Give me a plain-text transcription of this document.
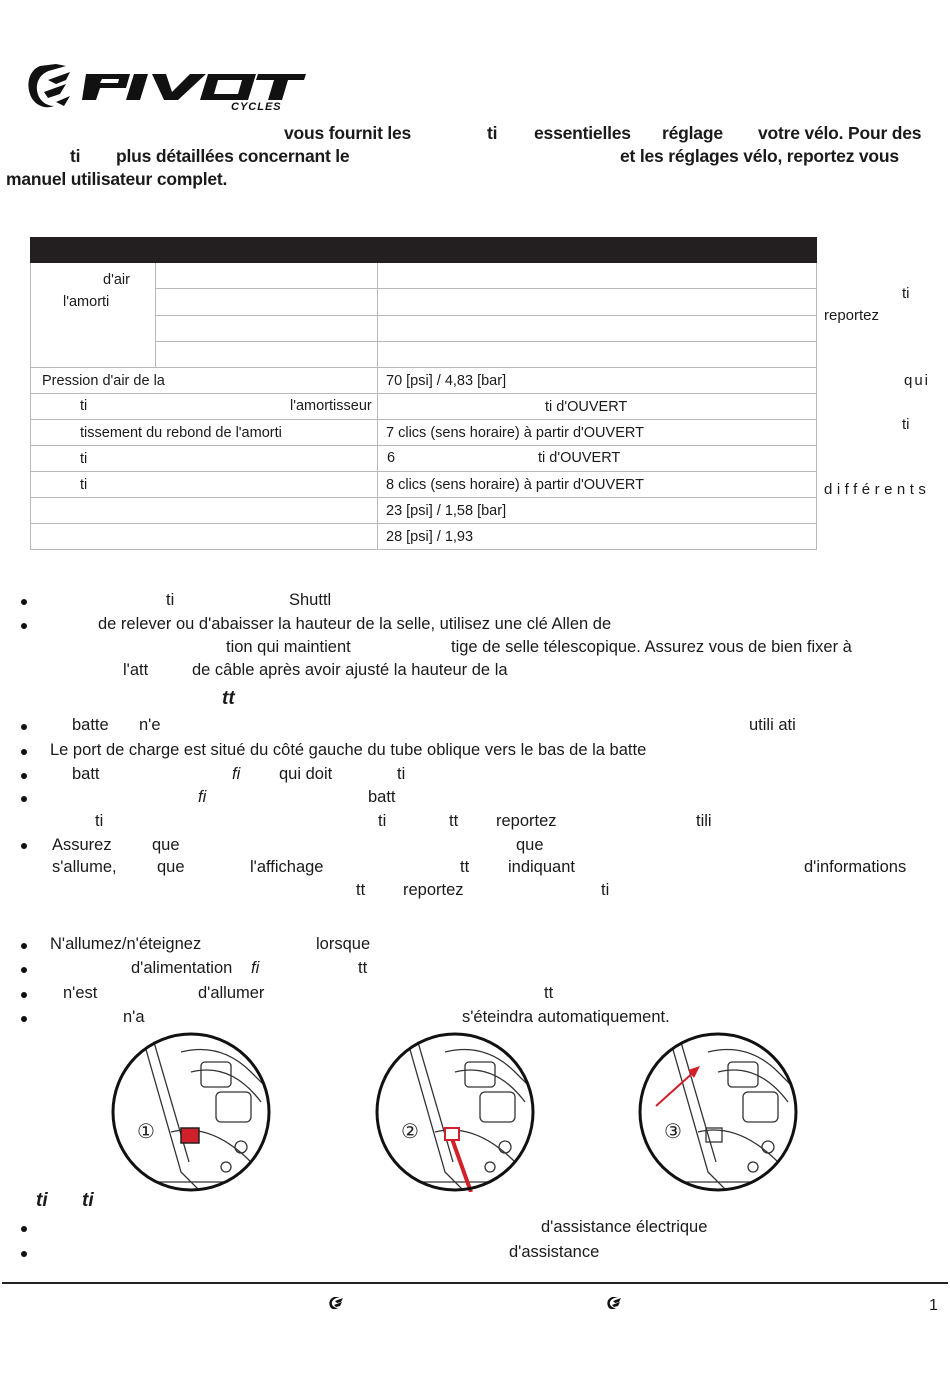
CYCLES
vous fournit les	ti essentielles réglage votre vélo. Pour des
ti plus détaillées concernant le	et les réglages vélo, reportez vous
manuel utilisateur complet.

d'air
l'amorti		

Pression d'air de la		70 [psi] / 4,83 [bar]

ti l'amortisseur		ti d'OUVERT
tissement du rebond de l'amorti		7 clics (sens horaire) à partir d'OUVERT
ti		6 ti d'OUVERT

ti		8 clics (sens horaire) à partir d'OUVERT
		23 [psi] / 1,58 [bar]
		28 [psi] / 1,93
ti
reportez
qui
ti
différents
ti	Shuttl
de relever ou d'abaisser la hauteur de la selle, utilisez une clé Allen de
tion qui maintient	tige de selle télescopique. Assurez vous de bien fixer à
l'att	de câble après avoir ajusté la hauteur de la
tt
batte n'e	utili ati
Le port de charge est situé du côté gauche du tube oblique vers le bas de la batte
batt	fi qui doit	ti
fi	batt
ti	ti	tt reportez	tili
Assurez que	que
s'allume, que	l'affichage	tt indiquant	d'informations
tt reportez	ti
N'allumez/n'éteignez	lorsque
d'alimentation fi	tt
n'est	d'allumer	tt
n'a	s'éteindra automatiquement.
①	②	③
ti ti
d'assistance électrique
d'assistance
1
